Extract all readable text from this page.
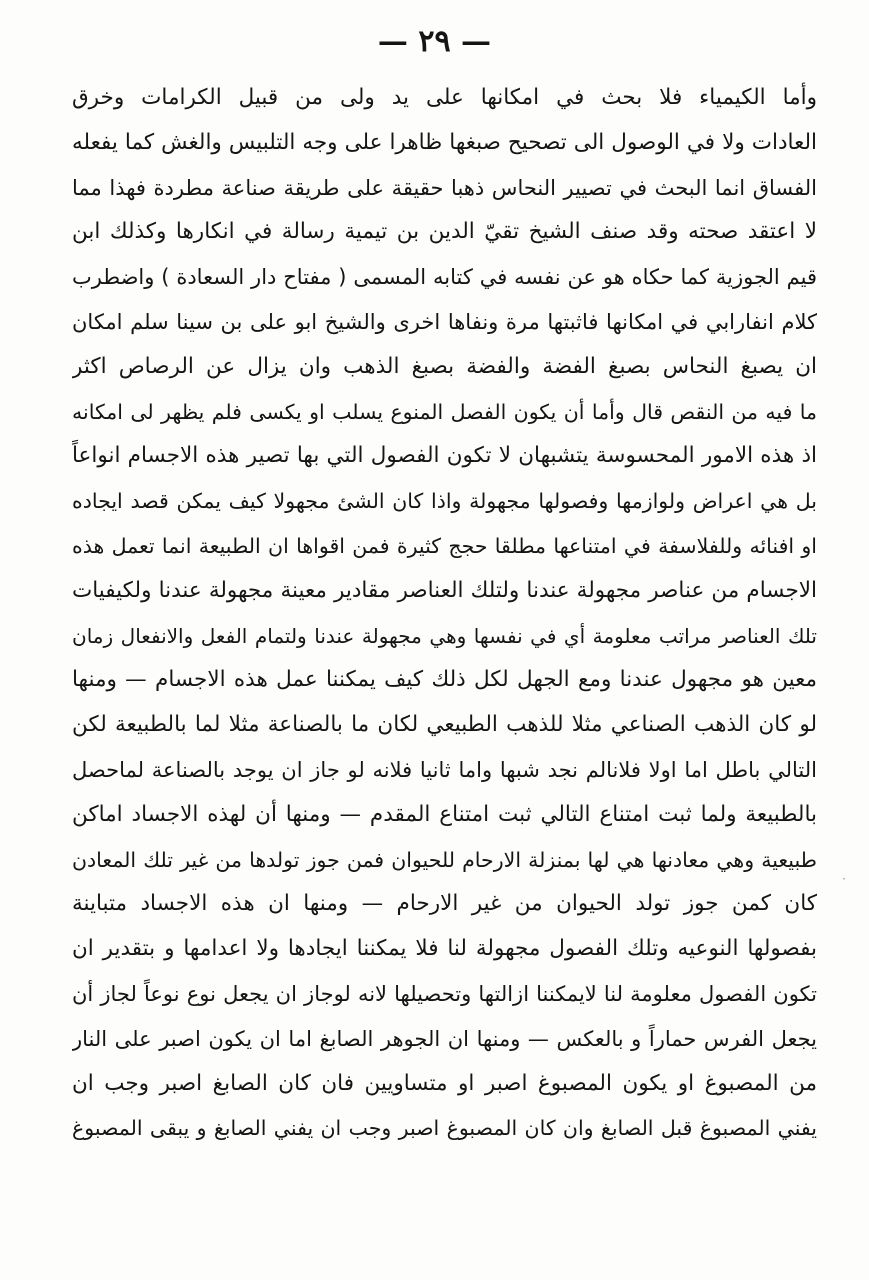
— ٢٩ —
وأما الكيمياء فلا بحث في امكانها على يد ولى من قبيل الكرامات وخرق
العادات ولا في الوصول الى تصحيح صبغها ظاهرا على وجه التلبيس والغش كما يفعله
الفساق انما البحث في تصيير النحاس ذهبا حقيقة على طريقة صناعة مطردة فهذا مما
لا اعتقد صحته وقد صنف الشيخ تقيّ الدين بن تيمية رسالة في انكارها وكذلك ابن
قيم الجوزية كما حكاه هو عن نفسه في كتابه المسمى ( مفتاح دار السعادة ) واضطرب
كلام انفارابي في امكانها فاثبتها مرة ونفاها اخرى والشيخ ابو على بن سينا سلم امكان
ان يصبغ النحاس بصبغ الفضة والفضة بصبغ الذهب وان يزال عن الرصاص اكثر
ما فيه من النقص قال وأما أن يكون الفصل المنوع يسلب او يكسى فلم يظهر لى امكانه
اذ هذه الامور المحسوسة يتشبهان لا تكون الفصول التي بها تصير هذه الاجسام انواعاً
بل هي اعراض ولوازمها وفصولها مجهولة واذا كان الشئ مجهولا كيف يمكن قصد ايجاده
او افنائه وللفلاسفة في امتناعها مطلقا حجج كثيرة فمن اقواها ان الطبيعة انما تعمل هذه
الاجسام من عناصر مجهولة عندنا ولتلك العناصر مقادير معينة مجهولة عندنا ولكيفيات
تلك العناصر مراتب معلومة أي في نفسها وهي مجهولة عندنا ولتمام الفعل والانفعال زمان
معين هو مجهول عندنا ومع الجهل لكل ذلك كيف يمكننا عمل هذه الاجسام — ومنها
لو كان الذهب الصناعي مثلا للذهب الطبيعي لكان ما بالصناعة مثلا لما بالطبيعة لكن
التالي باطل اما اولا فلانالم نجد شبها واما ثانيا فلانه لو جاز ان يوجد بالصناعة لماحصل
بالطبيعة ولما ثبت امتناع التالي ثبت امتناع المقدم — ومنها أن لهذه الاجساد اماكن
طبيعية وهي معادنها هي لها بمنزلة الارحام للحيوان فمن جوز تولدها من غير تلك المعادن
كان كمن جوز تولد الحيوان من غير الارحام — ومنها ان هذه الاجساد متباينة
بفصولها النوعيه وتلك الفصول مجهولة لنا فلا يمكننا ايجادها ولا اعدامها و بتقدير ان
تكون الفصول معلومة لنا لايمكننا ازالتها وتحصيلها لانه لوجاز ان يجعل نوع نوعاً لجاز أن
يجعل الفرس حماراً و بالعكس — ومنها ان الجوهر الصابغ اما ان يكون اصبر على النار
من المصبوغ او يكون المصبوغ اصبر او متساويين فان كان الصابغ اصبر وجب ان
يفني المصبوغ قبل الصابغ وان كان المصبوغ اصبر وجب ان يفني الصابغ و يبقى المصبوغ
·
